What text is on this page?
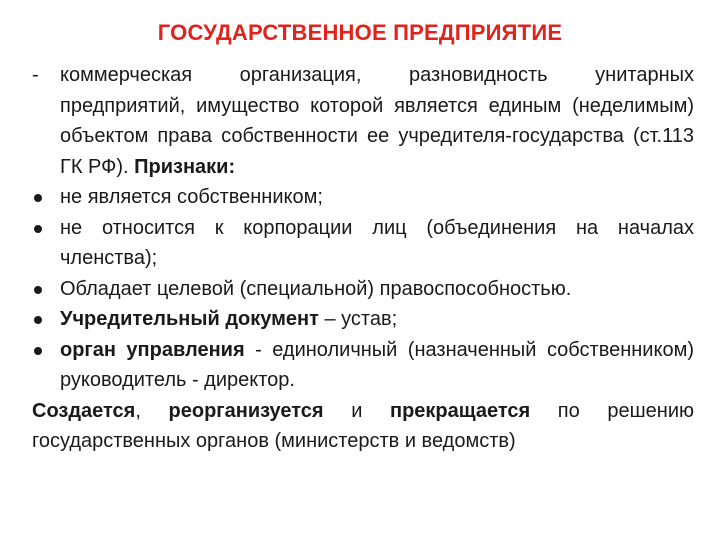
ГОСУДАРСТВЕННОЕ ПРЕДПРИЯТИЕ
-	коммерческая организация, разновидность унитарных предприятий, имущество которой является единым (неделимым) объектом права собственности ее учредителя-государства (ст.113 ГК РФ). Признаки:
не является собственником;
не относится к корпорации лиц (объединения на началах членства);
Обладает целевой (специальной) правоспособностью.
Учредительный документ – устав;
орган управления - единоличный (назначенный собственником) руководитель - директор.
Создается, реорганизуется и прекращается по решению государственных органов (министерств и ведомств)
